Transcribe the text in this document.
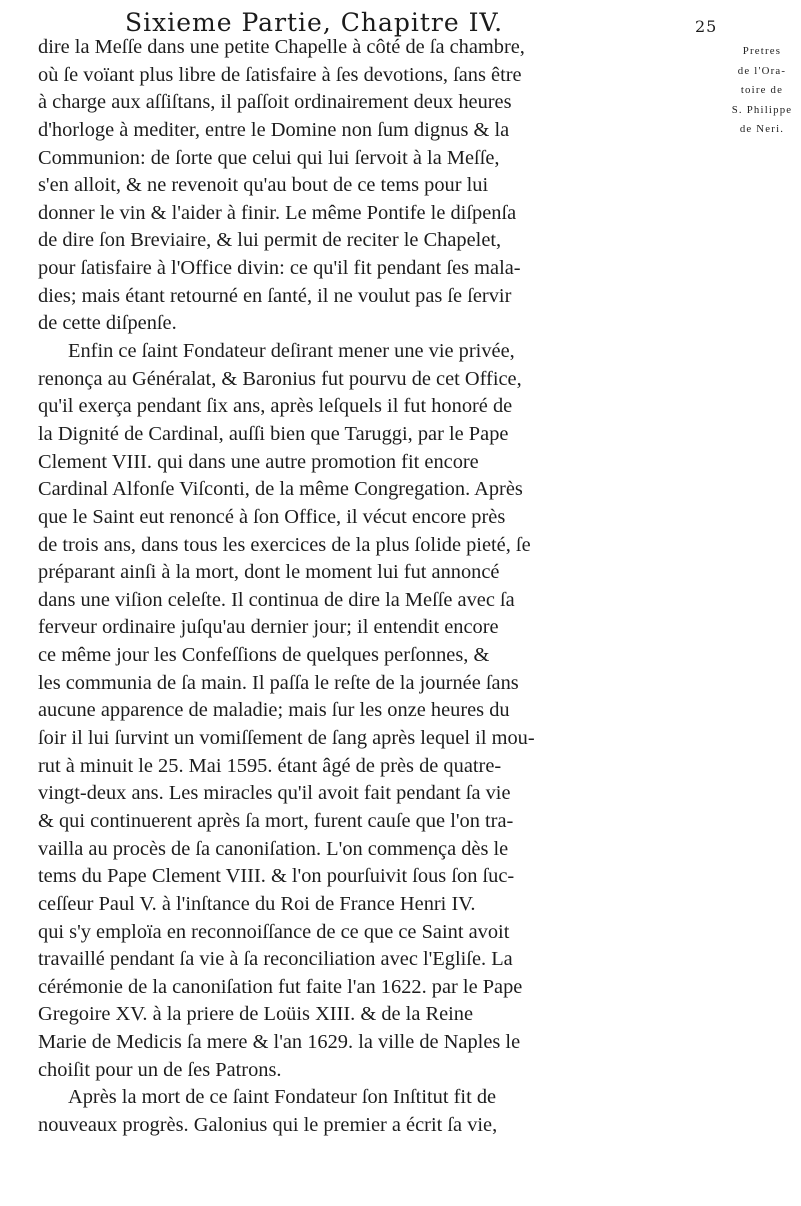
Sixieme Partie, Chapitre IV.	25
dire la Meſſe dans une petite Chapelle à côté de ſa chambre,
où ſe voïant plus libre de ſatisfaire à ſes devotions, ſans être
à charge aux aſſiſtans, il paſſoit ordinairement deux heures
d'horloge à mediter, entre le Domine non ſum dignus & la
Communion: de ſorte que celui qui lui ſervoit à la Meſſe,
s'en alloit, & ne revenoit qu'au bout de ce tems pour lui
donner le vin & l'aider à finir. Le même Pontife le diſpenſa
de dire ſon Breviaire, & lui permit de reciter le Chapelet,
pour ſatisfaire à l'Office divin: ce qu'il fit pendant ſes mala-
dies; mais étant retourné en ſanté, il ne voulut pas ſe ſervir
de cette diſpenſe.
Enfin ce ſaint Fondateur deſirant mener une vie privée,
renonça au Généralat, & Baronius fut pourvu de cet Office,
qu'il exerça pendant ſix ans, après leſquels il fut honoré de
la Dignité de Cardinal, auſſi bien que Taruggi, par le Pape
Clement VIII. qui dans une autre promotion fit encore
Cardinal Alfonſe Viſconti, de la même Congregation. Après
que le Saint eut renoncé à ſon Office, il vécut encore près
de trois ans, dans tous les exercices de la plus ſolide pieté, ſe
préparant ainſi à la mort, dont le moment lui fut annoncé
dans une viſion celeſte. Il continua de dire la Meſſe avec ſa
ferveur ordinaire juſqu'au dernier jour; il entendit encore
ce même jour les Confeſſions de quelques perſonnes, &
les communia de ſa main. Il paſſa le reſte de la journée ſans
aucune apparence de maladie; mais ſur les onze heures du
ſoir il lui ſurvint un vomiſſement de ſang après lequel il mou-
rut à minuit le 25. Mai 1595. étant âgé de près de quatre-
vingt-deux ans. Les miracles qu'il avoit fait pendant ſa vie
& qui continuerent après ſa mort, furent cauſe que l'on tra-
vailla au procès de ſa canoniſation. L'on commença dès le
tems du Pape Clement VIII. & l'on pourſuivit ſous ſon ſuc-
ceſſeur Paul V. à l'inſtance du Roi de France Henri IV.
qui s'y emploïa en reconnoiſſance de ce que ce Saint avoit
travaillé pendant ſa vie à ſa reconciliation avec l'Egliſe. La
cérémonie de la canoniſation fut faite l'an 1622. par le Pape
Gregoire XV. à la priere de Loüis XIII. & de la Reine
Marie de Medicis ſa mere & l'an 1629. la ville de Naples le
choiſit pour un de ſes Patrons.
Après la mort de ce ſaint Fondateur ſon Inſtitut fit de
nouveaux progrès. Galonius qui le premier a écrit ſa vie,
Pretres
de l'Ora-
toire de
S. Philippe
de Neri.
